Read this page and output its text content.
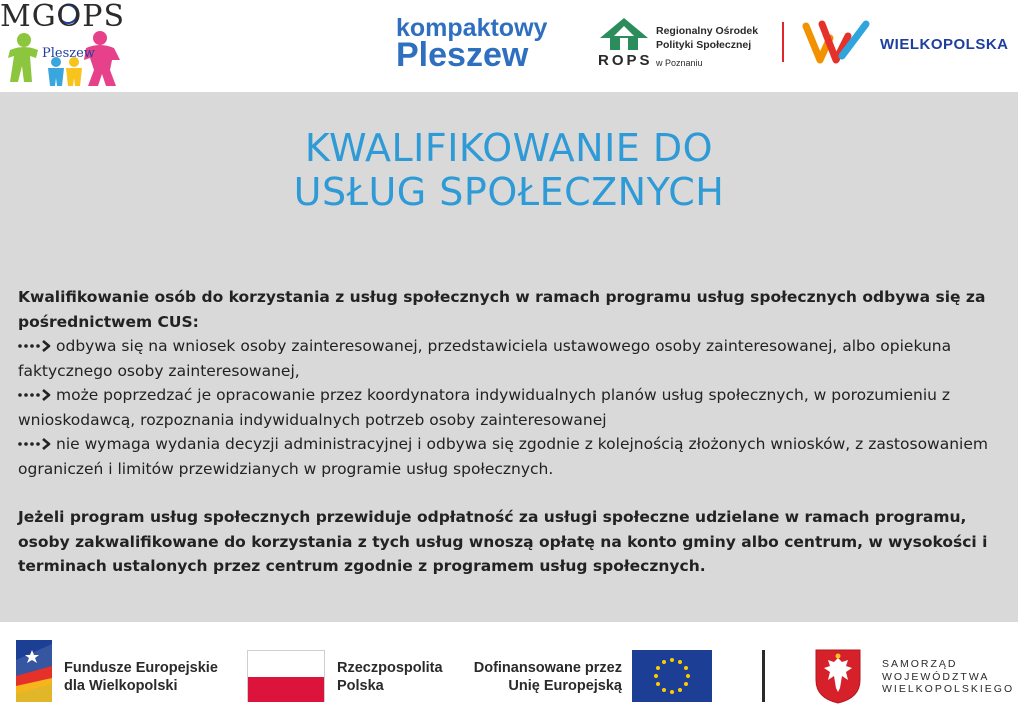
MGOPS
Pleszew
kompaktowy
Pleszew	ROPS
Regionalny Ośrodek
Polityki Społecznej
w Poznaniu
WIELKOPOLSKA
KWALIFIKOWANIE DO
USŁUG SPOŁECZNYCH

Kwalifikowanie osób do korzystania z usług społecznych w ramach programu usług społecznych odbywa się za pośrednictwem CUS:

odbywa się na wniosek osoby zainteresowanej, przedstawiciela ustawowego osoby zainteresowanej, albo opiekuna faktycznego osoby zainteresowanej,

może poprzedzać je opracowanie przez koordynatora indywidualnych planów usług społecznych, w porozumieniu z wnioskodawcą, rozpoznania indywidualnych potrzeb osoby zainteresowanej

nie wymaga wydania decyzji administracyjnej i odbywa się zgodnie z kolejnością złożonych wniosków, z zastosowaniem ograniczeń i limitów przewidzianych w programie usług społecznych.

Jeżeli program usług społecznych przewiduje odpłatność za usługi społeczne udzielane w ramach programu, osoby zakwalifikowane do korzystania z tych usług wnoszą opłatę na konto gminy albo centrum, w wysokości i terminach ustalonych przez centrum zgodnie z programem usług społecznych.

Fundusze Europejskie
dla Wielkopolski
Rzeczpospolita
Polska
Dofinansowane przez
Unię Europejską
SAMORZĄD
WOJEWÓDZTWA
WIELKOPOLSKIEGO
